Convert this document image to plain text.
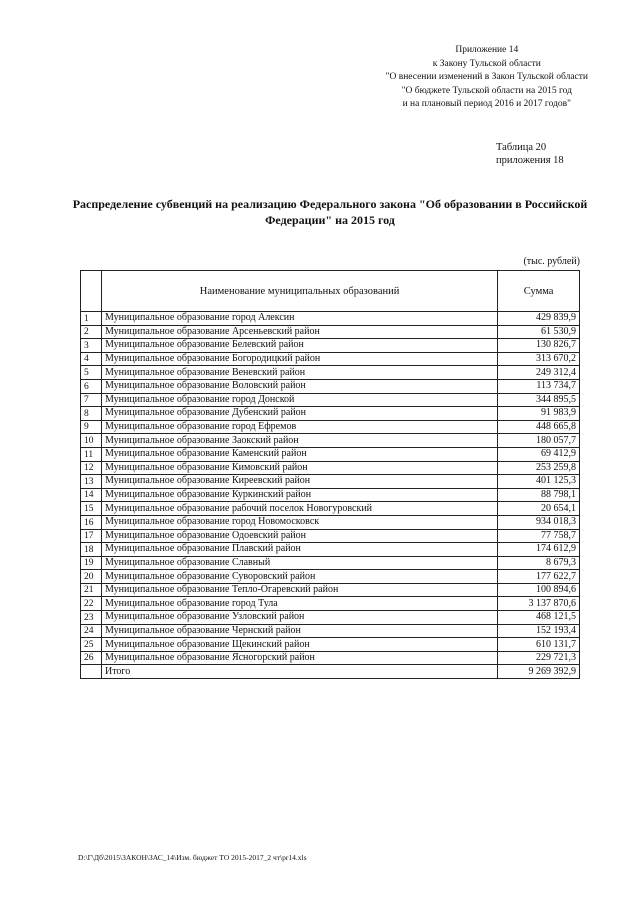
Приложение 14
к Закону Тульской области
"О внесении изменений в Закон Тульской области
"О бюджете Тульской области на 2015 год
и на плановый период 2016 и 2017 годов"
Таблица 20
приложения 18
Распределение субвенций на реализацию Федерального закона "Об образовании в Российской Федерации" на 2015 год
(тыс. рублей)
	Наименование муниципальных образований	Сумма
1	Муниципальное образование город Алексин	429 839,9
2	Муниципальное образование Арсеньевский район	61 530,9
3	Муниципальное образование Белевский район	130 826,7
4	Муниципальное образование Богородицкий район	313 670,2
5	Муниципальное образование Веневский район	249 312,4
6	Муниципальное образование Воловский район	113 734,7
7	Муниципальное образование город Донской	344 895,5
8	Муниципальное образование Дубенский район	91 983,9
9	Муниципальное образование город Ефремов	448 665,8
10	Муниципальное образование Заокский район	180 057,7
11	Муниципальное образование Каменский район	69 412,9
12	Муниципальное образование Кимовский район	253 259,8
13	Муниципальное образование Киреевский район	401 125,3
14	Муниципальное образование Куркинский район	88 798,1
15	Муниципальное образование рабочий поселок Новогуровский	20 654,1
16	Муниципальное образование город Новомосковск	934 018,3
17	Муниципальное образование Одоевский район	77 758,7
18	Муниципальное образование Плавский район	174 612,9
19	Муниципальное образование Славный	8 679,3
20	Муниципальное образование Суворовский район	177 622,7
21	Муниципальное образование Тепло-Огаревский район	100 894,6
22	Муниципальное образование город Тула	3 137 870,6
23	Муниципальное образование Узловский район	468 121,5
24	Муниципальное образование Чернский район	152 193,4
25	Муниципальное образование Щекинский район	610 131,7
26	Муниципальное образование Ясногорский район	229 721,3
	Итого	9 269 392,9
D:\Г\Дб\2015\ЗАКОН\ЗАС_14\Изм. бюджет ТО 2015-2017_2 чт\pr14.xls
